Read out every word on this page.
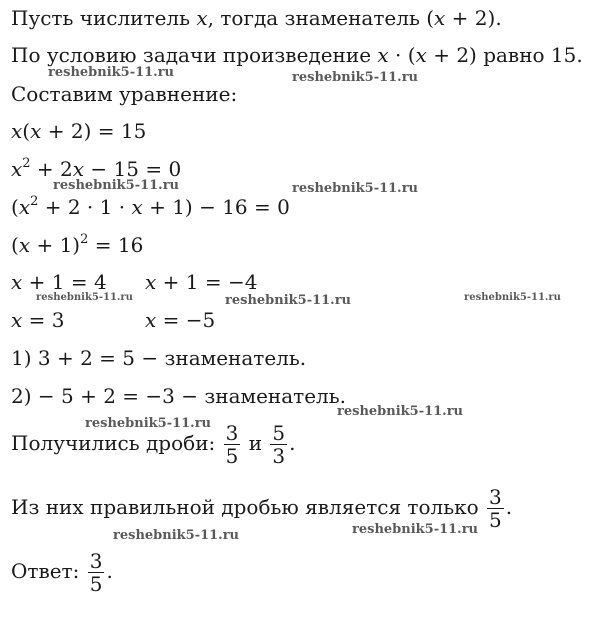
Пусть числитель x, тогда знаменатель (x + 2).
По условию задачи произведение x · (x + 2) равно 15.
Составим уравнение:
x(x + 2) = 15
$x^2 + 2x - 15 = 0$
$(x^2 + 2 \cdot 1 \cdot x + 1) - 16 = 0$
$(x + 1)^2 = 16$
x + 1 = 4 x + 1 = −4
x = 3	x = −5
1) 3 + 2 = 5 − знаменатель.
2) − 5 + 2 = −3 − знаменатель.
Получились дроби: $\frac{3}{5}$ и $\frac{5}{3}$ .
Из них правильной дробью является только $\frac{3}{5}$ .
Ответ: $\frac{3}{5}$ .
reshebnik5-11.ru	reshebnik5-11.ru
reshebnik5-11.ru	reshebnik5-11.ru
reshebnik5-11.ru	reshebnik5-11.ru	reshebnik5-11.ru
reshebnik5-11.ru
reshebnik5-11.ru
reshebnik5-11.ru
reshebnik5-11.ru
